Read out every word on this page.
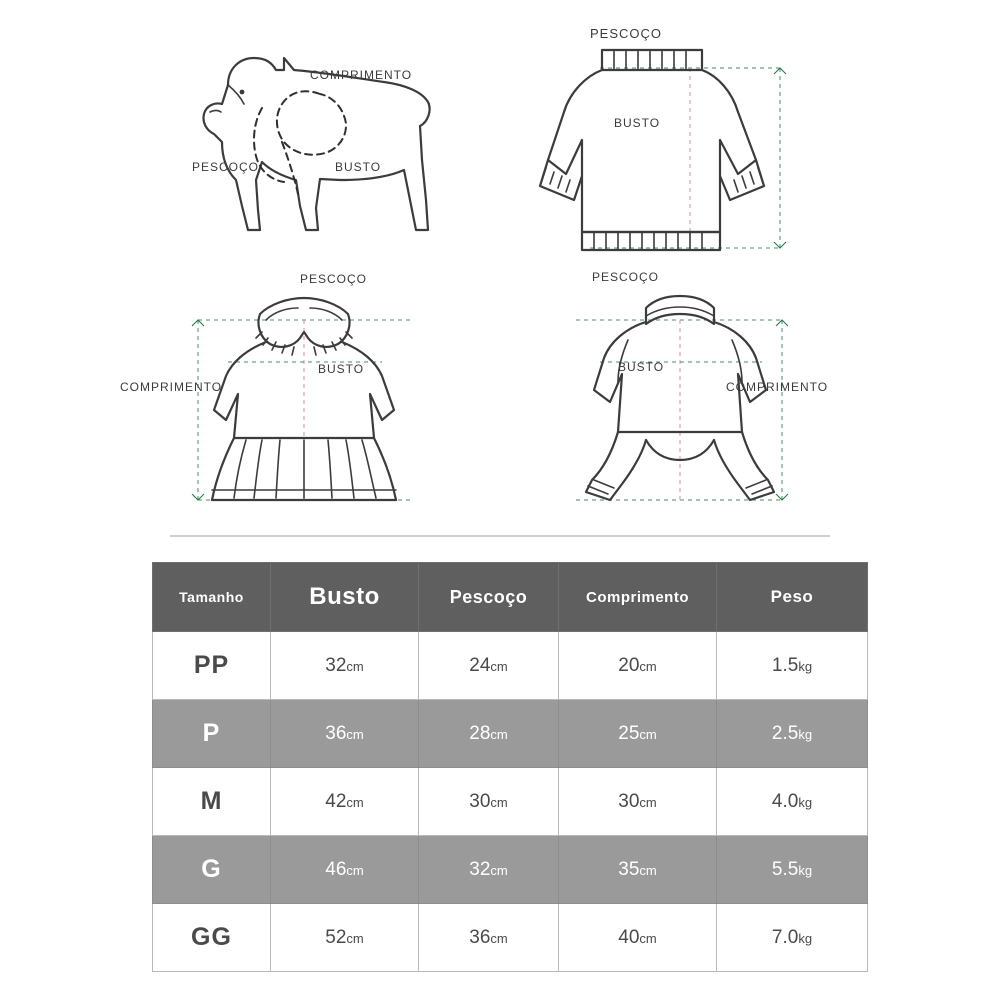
COMPRIMENTO
PESCOÇO	BUSTO
PESCOÇO
BUSTO
PESCOÇO
BUSTO
COMPRIMENTO
PESCOÇO
BUSTO
COMPRIMENTO
Tamanho	Busto	Pescoço	Comprimento	Peso
PP	32cm	24cm	20cm	1.5kg
P	36cm	28cm	25cm	2.5kg
M	42cm	30cm	30cm	4.0kg
G	46cm	32cm	35cm	5.5kg
GG	52cm	36cm	40cm	7.0kg
